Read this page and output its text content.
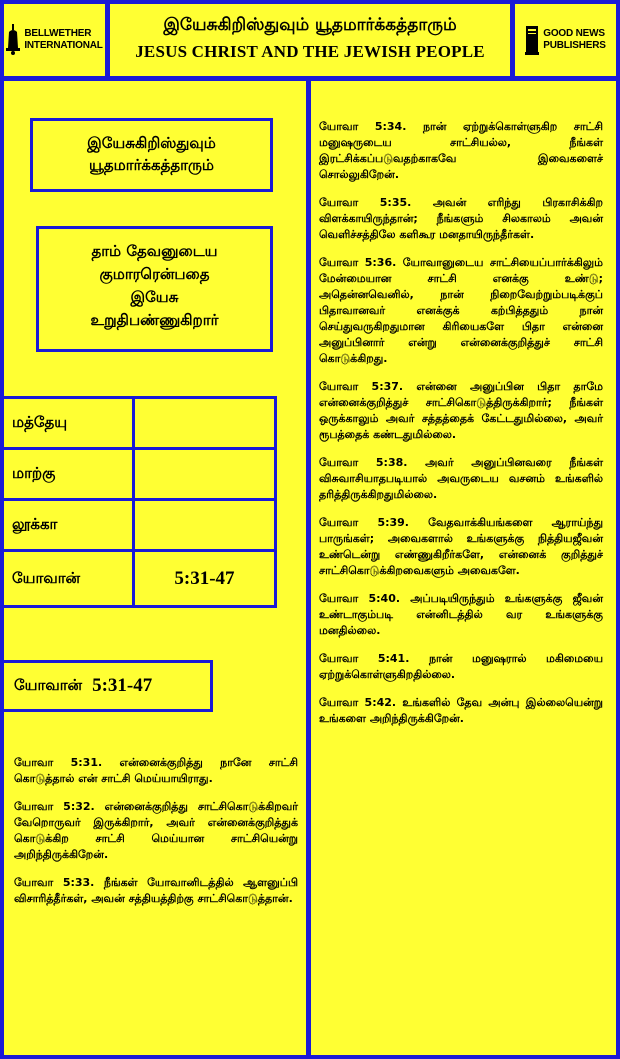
BELLWETHER
INTERNATIONAL
இயேசுகிறிஸ்துவும் யூதமார்க்கத்தாரும்
JESUS CHRIST AND THE JEWISH PEOPLE
GOOD NEWS
PUBLISHERS
இயேசுகிறிஸ்துவும்
யூதமார்க்கத்தாரும்
தாம் தேவனுடைய
குமாரரென்பதை
இயேசு
உறுதிபண்ணுகிறார்
மத்தேயு	
மாற்கு	
லூக்கா	
யோவான்	5:31-47
யோவான் 5:31-47

யோவா 5:31. என்னைக்குறித்து நானே சாட்சி கொடுத்தால் என் சாட்சி மெய்யாயிராது.

யோவா 5:32. என்னைக்குறித்து சாட்சிகொடுக்கிறவர் வேறொருவர் இருக்கிறார், அவர் என்னைக்குறித்துக் கொடுக்கிற சாட்சி மெய்யான சாட்சியென்று அறிந்திருக்கிறேன்.

யோவா 5:33. நீங்கள் யோவானிடத்தில் ஆளனுப்பி விசாரித்தீர்கள், அவன் சத்தியத்திற்கு சாட்சிகொடுத்தான்.

யோவா 5:34. நான் ஏற்றுக்கொள்ளுகிற சாட்சி மனுஷருடைய சாட்சியல்ல, நீங்கள் இரட்சிக்கப்படுவதற்காகவே இவைகளைச் சொல்லுகிறேன்.

யோவா 5:35. அவன் எரிந்து பிரகாசிக்கிற விளக்காயிருந்தான்; நீங்களும் சிலகாலம் அவன் வெளிச்சத்திலே களிகூர மனதாயிருந்தீர்கள்.

யோவா 5:36. யோவானுடைய சாட்சியைப்பார்க்கிலும் மேன்மையான சாட்சி எனக்கு உண்டு; அதென்னவெனில், நான் நிறைவேற்றும்படிக்குப் பிதாவானவர் எனக்குக் கற்பித்ததும் நான் செய்துவருகிறதுமான கிரியைகளே பிதா என்னை அனுப்பினார் என்று என்னைக்குறித்துச் சாட்சி கொடுக்கிறது.

யோவா 5:37. என்னை அனுப்பின பிதா தாமே என்னைக்குறித்துச் சாட்சிகொடுத்திருக்கிறார்; நீங்கள் ஒருக்காலும் அவர் சத்தத்தைக் கேட்டதுமில்லை, அவர் ரூபத்தைக் கண்டதுமில்லை.

யோவா 5:38. அவர் அனுப்பினவரை நீங்கள் விசுவாசியாதபடியால் அவருடைய வசனம் உங்களில் தரித்திருக்கிறதுமில்லை.

யோவா 5:39. வேதவாக்கியங்களை ஆராய்ந்து பாருங்கள்; அவைகளால் உங்களுக்கு நித்தியஜீவன் உண்டென்று எண்ணுகிறீர்களே, என்னைக் குறித்துச் சாட்சிகொடுக்கிறவைகளும் அவைகளே.

யோவா 5:40. அப்படியிருந்தும் உங்களுக்கு ஜீவன் உண்டாகும்படி என்னிடத்தில் வர உங்களுக்கு மனதில்லை.

யோவா 5:41. நான் மனுஷரால் மகிமையை ஏற்றுக்கொள்ளுகிறதில்லை.

யோவா 5:42. உங்களில் தேவ அன்பு இல்லையென்று உங்களை அறிந்திருக்கிறேன்.
